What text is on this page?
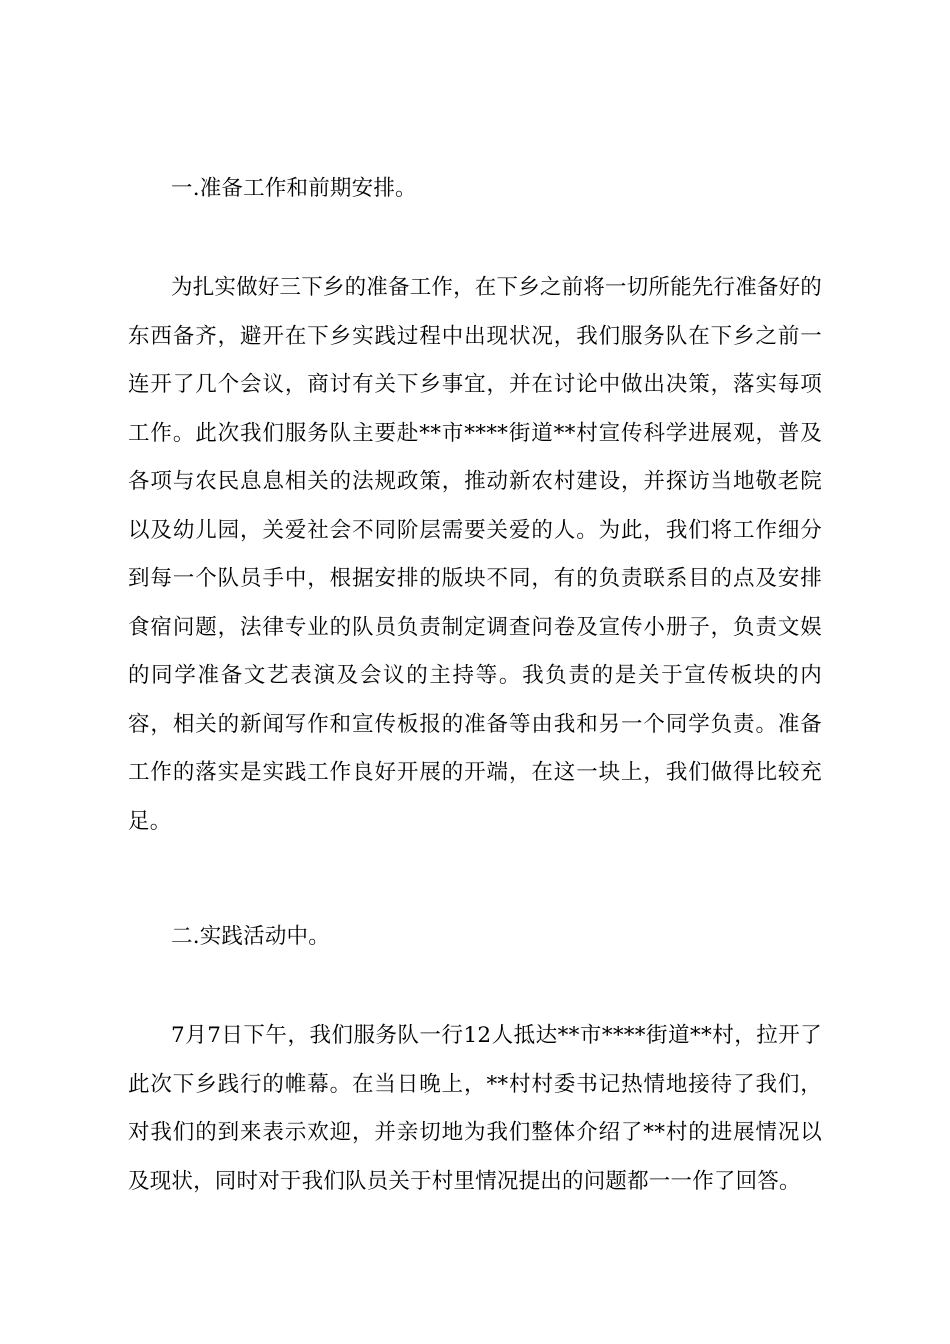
一.准备工作和前期安排。

为扎实做好三下乡的准备工作，在下乡之前将一切所能先行准备好的东西备齐，避开在下乡实践过程中出现状况，我们服务队在下乡之前一连开了几个会议，商讨有关下乡事宜，并在讨论中做出决策，落实每项工作。此次我们服务队主要赴**市****街道**村宣传科学进展观，普及各项与农民息息相关的法规政策，推动新农村建设，并探访当地敬老院以及幼儿园，关爱社会不同阶层需要关爱的人。为此，我们将工作细分到每一个队员手中，根据安排的版块不同，有的负责联系目的点及安排食宿问题，法律专业的队员负责制定调查问卷及宣传小册子，负责文娱的同学准备文艺表演及会议的主持等。我负责的是关于宣传板块的内容，相关的新闻写作和宣传板报的准备等由我和另一个同学负责。准备工作的落实是实践工作良好开展的开端，在这一块上，我们做得比较充足。

二.实践活动中。

7月7日下午，我们服务队一行12人抵达**市****街道**村，拉开了此次下乡践行的帷幕。在当日晚上，**村村委书记热情地接待了我们，对我们的到来表示欢迎，并亲切地为我们整体介绍了**村的进展情况以及现状，同时对于我们队员关于村里情况提出的问题都一一作了回答。
